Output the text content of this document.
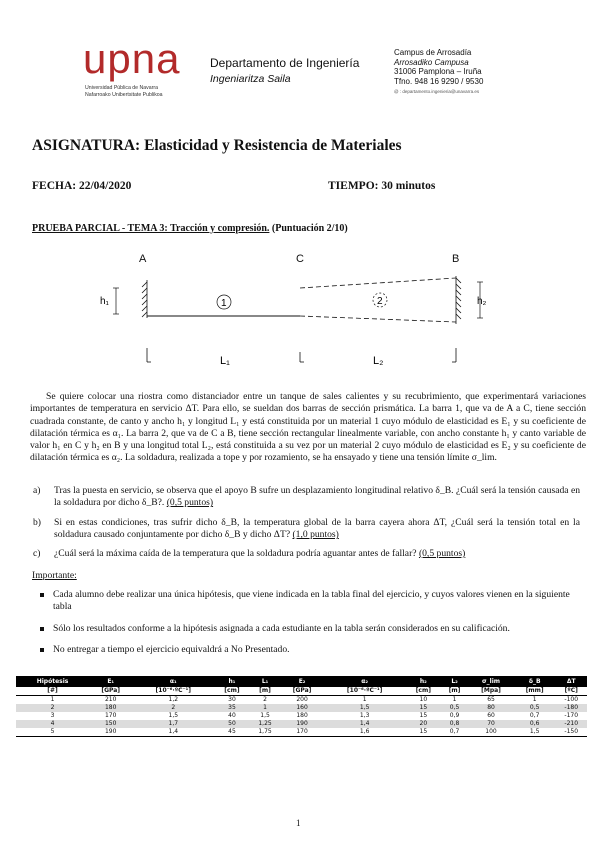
upna
Universidad Pública de Navarra
Nafarroako Unibertsitate Publikoa
Departamento de Ingeniería
Ingeniaritza Saila
Campus de Arrosadía
Arrosadiko Campusa
31006 Pamplona – Iruña
Tfno. 948 16 9290 / 9530
@ : departamento.ingenieria@unavarra.es
ASIGNATURA: Elasticidad y Resistencia de Materiales
FECHA: 22/04/2020	TIEMPO: 30 minutos
PRUEBA PARCIAL - TEMA 3: Tracción y compresión. (Puntuación 2/10)
A	C	B
1	2
h₁	h₂
L₁	L₂
Se quiere colocar una riostra como distanciador entre un tanque de sales calientes y su recubrimiento, que experimentará variaciones importantes de temperatura en servicio ΔT. Para ello, se sueldan dos barras de sección prismática. La barra 1, que va de A a C, tiene sección cuadrada constante, de canto y ancho h₁ y longitud L₁ y está constituida por un material 1 cuyo módulo de elasticidad es E₁ y su coeficiente de dilatación térmica es α₁. La barra 2, que va de C a B, tiene sección rectangular linealmente variable, con ancho constante h₁ y canto variable de valor h₁ en C y h₂ en B y una longitud total L₂, está constituida a su vez por un material 2 cuyo módulo de elasticidad es E₂ y su coeficiente de dilatación térmica es α₂. La soldadura, realizada a tope y por rozamiento, se ha ensayado y tiene una tensión límite σ_lim.
a) Tras la puesta en servicio, se observa que el apoyo B sufre un desplazamiento longitudinal relativo δ_B. ¿Cuál será la tensión causada en la soldadura por dicho δ_B?. (0,5 puntos)
b) Si en estas condiciones, tras sufrir dicho δ_B, la temperatura global de la barra cayera ahora ΔT, ¿Cuál será la tensión total en la soldadura causado conjuntamente por dicho δ_B y dicho ΔT? (1,0 puntos)
c) ¿Cuál será la máxima caída de la temperatura que la soldadura podría aguantar antes de fallar? (0,5 puntos)
Importante:
Cada alumno debe realizar una única hipótesis, que viene indicada en la tabla final del ejercicio, y cuyos valores vienen en la siguiente tabla
Sólo los resultados conforme a la hipótesis asignada a cada estudiante en la tabla serán considerados en su calificación.
No entregar a tiempo el ejercicio equivaldrá a No Presentado.
Hipótesis	E₁	α₁	h₁	L₁	E₂	α₂	h₂	L₂	σ_lim	δ_B	ΔT
[#]	[GPa]	[10⁻⁶·ºC⁻¹]	[cm]	[m]	[GPa]	[10⁻⁶·ºC⁻¹]	[cm]	[m]	[Mpa]	[mm]	[ºC]
1	210	1,2	30	2	200	1	10	1	65	1	-100
2	180	2	35	1	160	1,5	15	0,5	80	0,5	-180
3	170	1,5	40	1,5	180	1,3	15	0,9	60	0,7	-170
4	150	1,7	50	1,25	190	1,4	20	0,8	70	0,6	-210
5	190	1,4	45	1,75	170	1,6	15	0,7	100	1,5	-150
1
